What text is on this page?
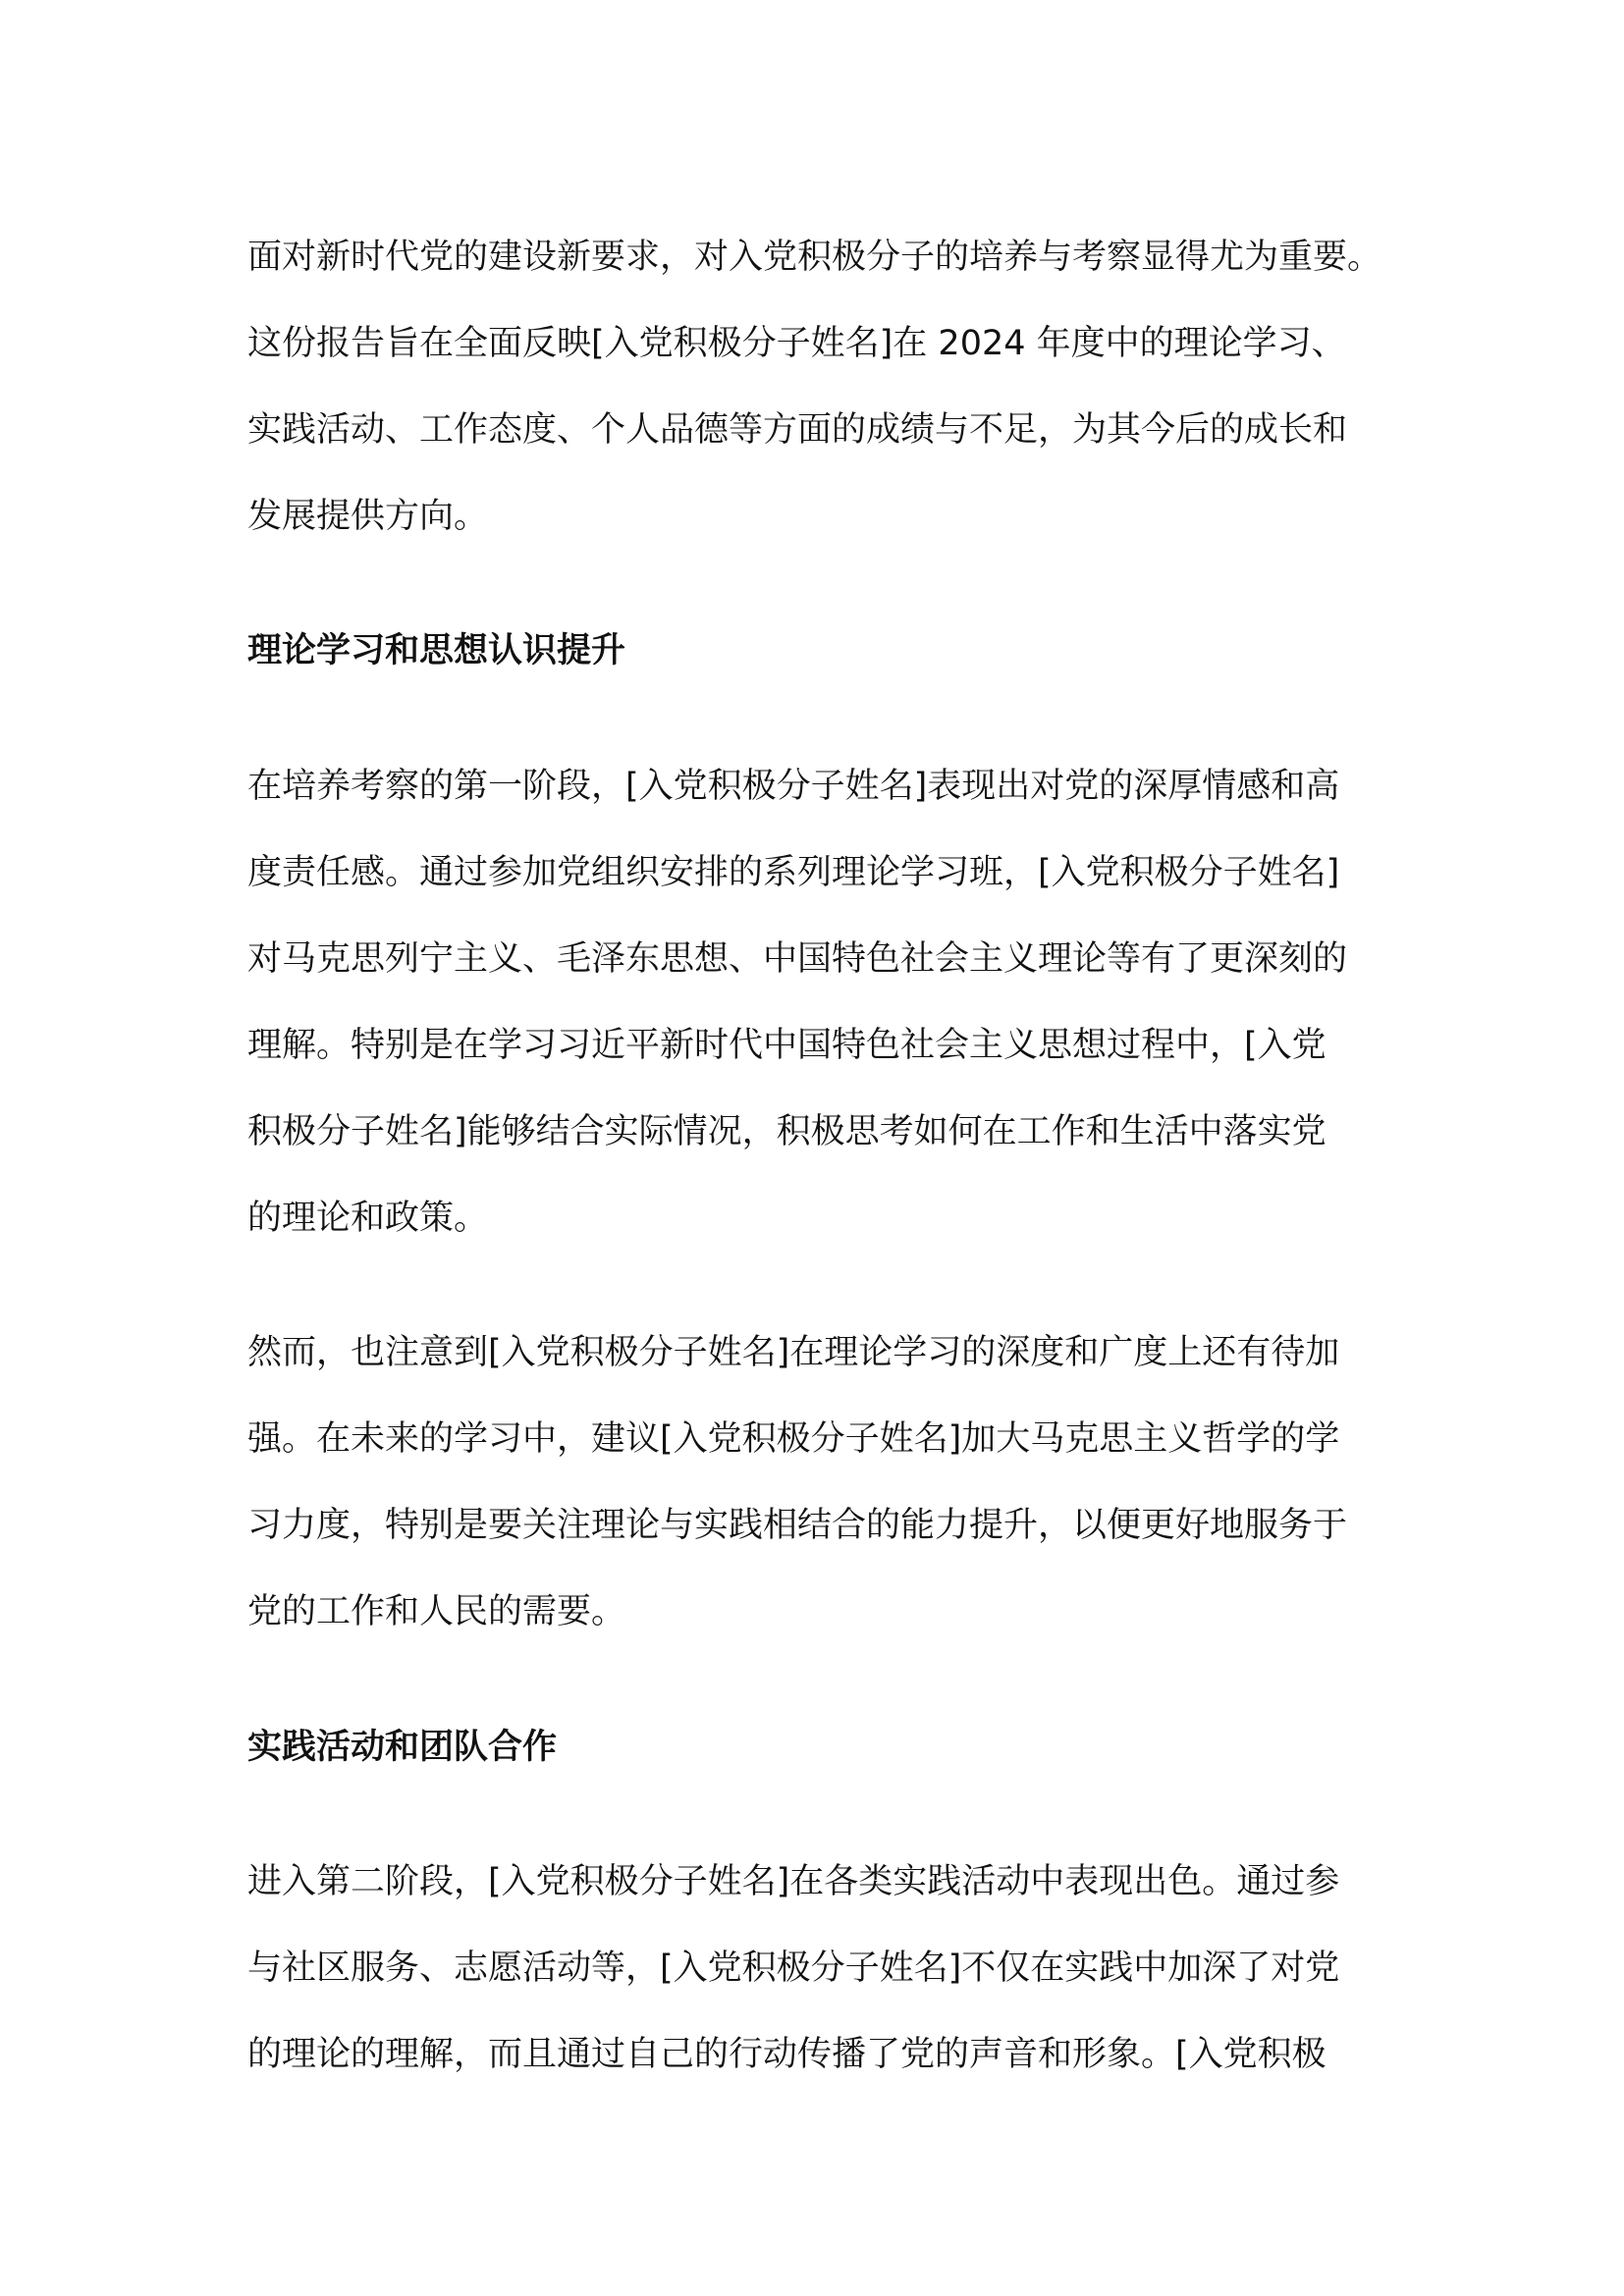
面对新时代党的建设新要求，对入党积极分子的培养与考察显得尤为重要。

这份报告旨在全面反映[入党积极分子姓名]在 2024 年度中的理论学习、

实践活动、工作态度、个人品德等方面的成绩与不足，为其今后的成长和

发展提供方向。

理论学习和思想认识提升

在培养考察的第一阶段，[入党积极分子姓名]表现出对党的深厚情感和高

度责任感。通过参加党组织安排的系列理论学习班，[入党积极分子姓名]

对马克思列宁主义、毛泽东思想、中国特色社会主义理论等有了更深刻的

理解。特别是在学习习近平新时代中国特色社会主义思想过程中，[入党

积极分子姓名]能够结合实际情况，积极思考如何在工作和生活中落实党

的理论和政策。

然而，也注意到[入党积极分子姓名]在理论学习的深度和广度上还有待加

强。在未来的学习中，建议[入党积极分子姓名]加大马克思主义哲学的学

习力度，特别是要关注理论与实践相结合的能力提升，以便更好地服务于

党的工作和人民的需要。

实践活动和团队合作

进入第二阶段，[入党积极分子姓名]在各类实践活动中表现出色。通过参

与社区服务、志愿活动等，[入党积极分子姓名]不仅在实践中加深了对党

的理论的理解，而且通过自己的行动传播了党的声音和形象。[入党积极
